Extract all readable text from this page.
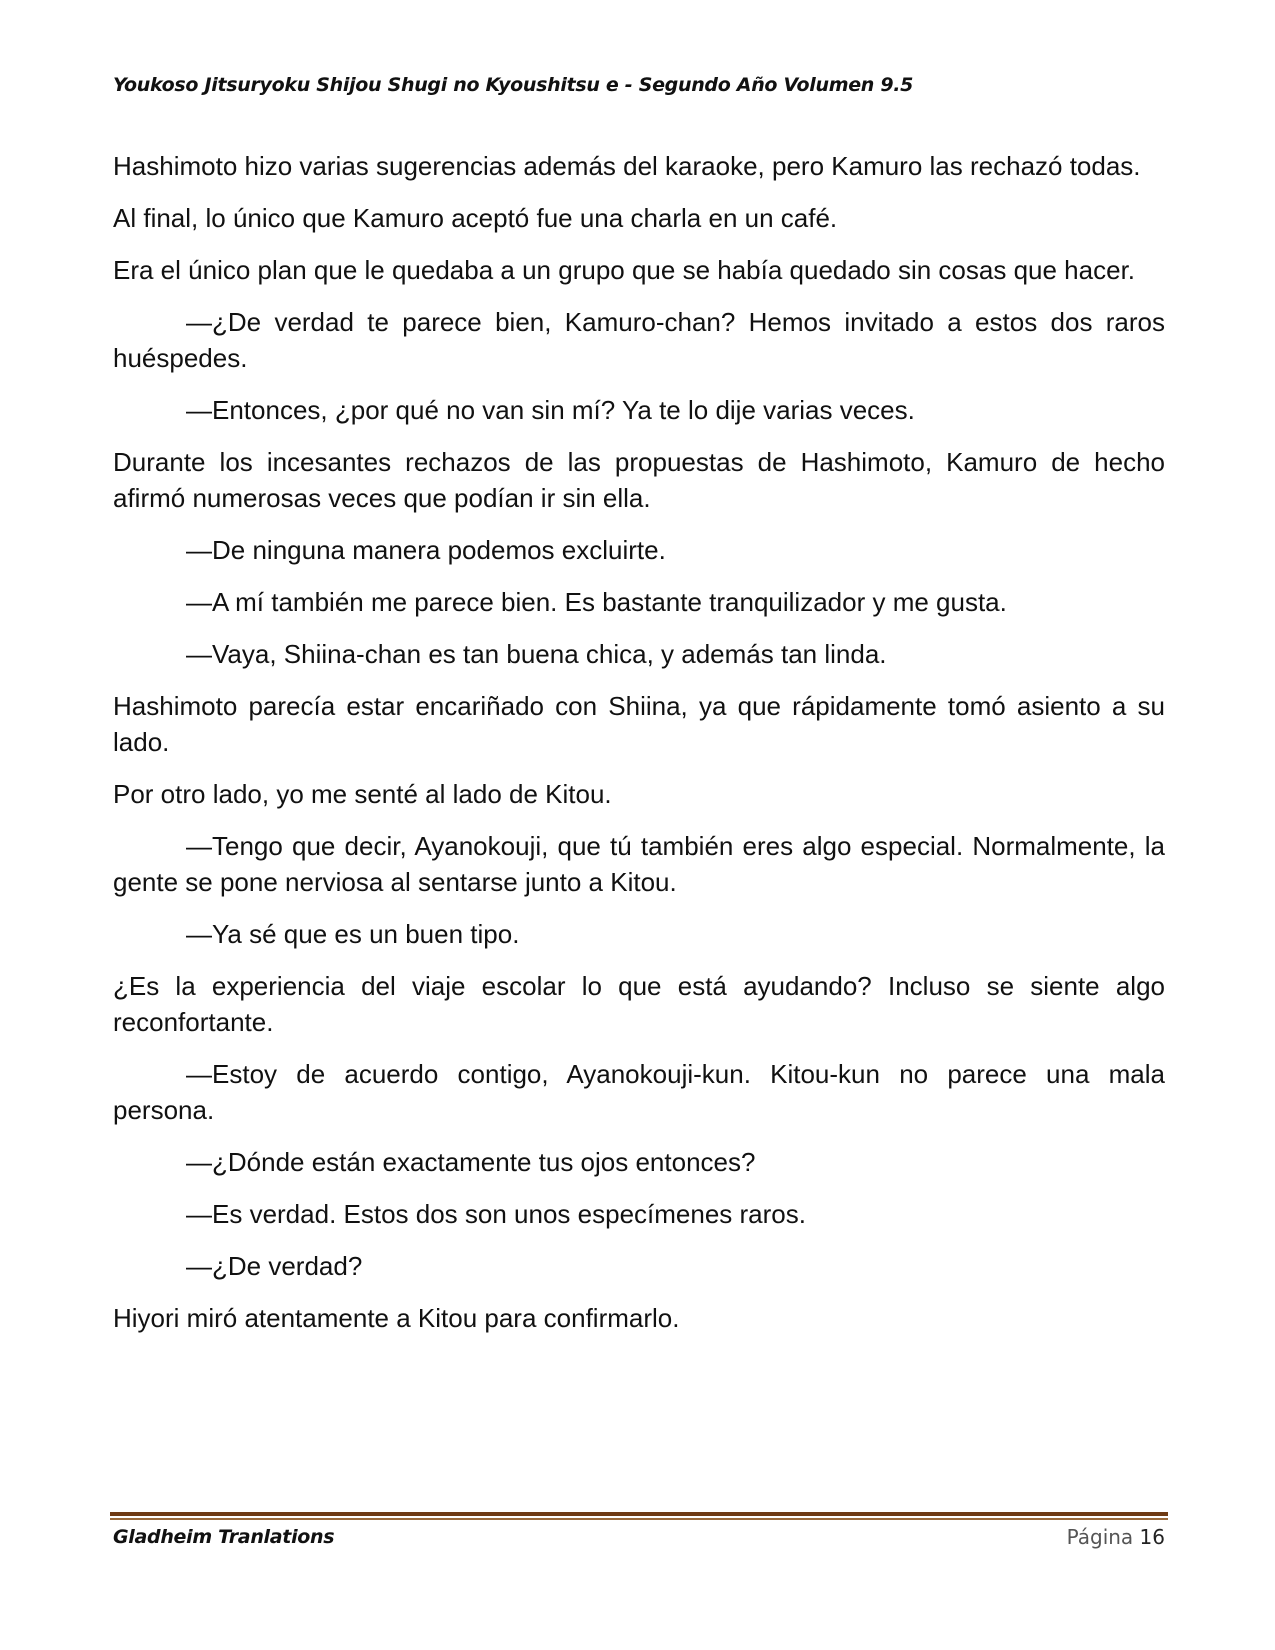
Youkoso Jitsuryoku Shijou Shugi no Kyoushitsu e - Segundo Año Volumen 9.5

Hashimoto hizo varias sugerencias además del karaoke, pero Kamuro las rechazó todas.

Al final, lo único que Kamuro aceptó fue una charla en un café.

Era el único plan que le quedaba a un grupo que se había quedado sin cosas que hacer.

—¿De verdad te parece bien, Kamuro-chan? Hemos invitado a estos dos raros huéspedes.

—Entonces, ¿por qué no van sin mí? Ya te lo dije varias veces.

Durante los incesantes rechazos de las propuestas de Hashimoto, Kamuro de hecho afirmó numerosas veces que podían ir sin ella.

—De ninguna manera podemos excluirte.

—A mí también me parece bien. Es bastante tranquilizador y me gusta.

—Vaya, Shiina-chan es tan buena chica, y además tan linda.

Hashimoto parecía estar encariñado con Shiina, ya que rápidamente tomó asiento a su lado.

Por otro lado, yo me senté al lado de Kitou.

—Tengo que decir, Ayanokouji, que tú también eres algo especial. Normalmente, la gente se pone nerviosa al sentarse junto a Kitou.

—Ya sé que es un buen tipo.

¿Es la experiencia del viaje escolar lo que está ayudando? Incluso se siente algo reconfortante.

—Estoy de acuerdo contigo, Ayanokouji-kun. Kitou-kun no parece una mala persona.

—¿Dónde están exactamente tus ojos entonces?

—Es verdad. Estos dos son unos especímenes raros.

—¿De verdad?

Hiyori miró atentamente a Kitou para confirmarlo.

Gladheim Tranlations	Página 16
